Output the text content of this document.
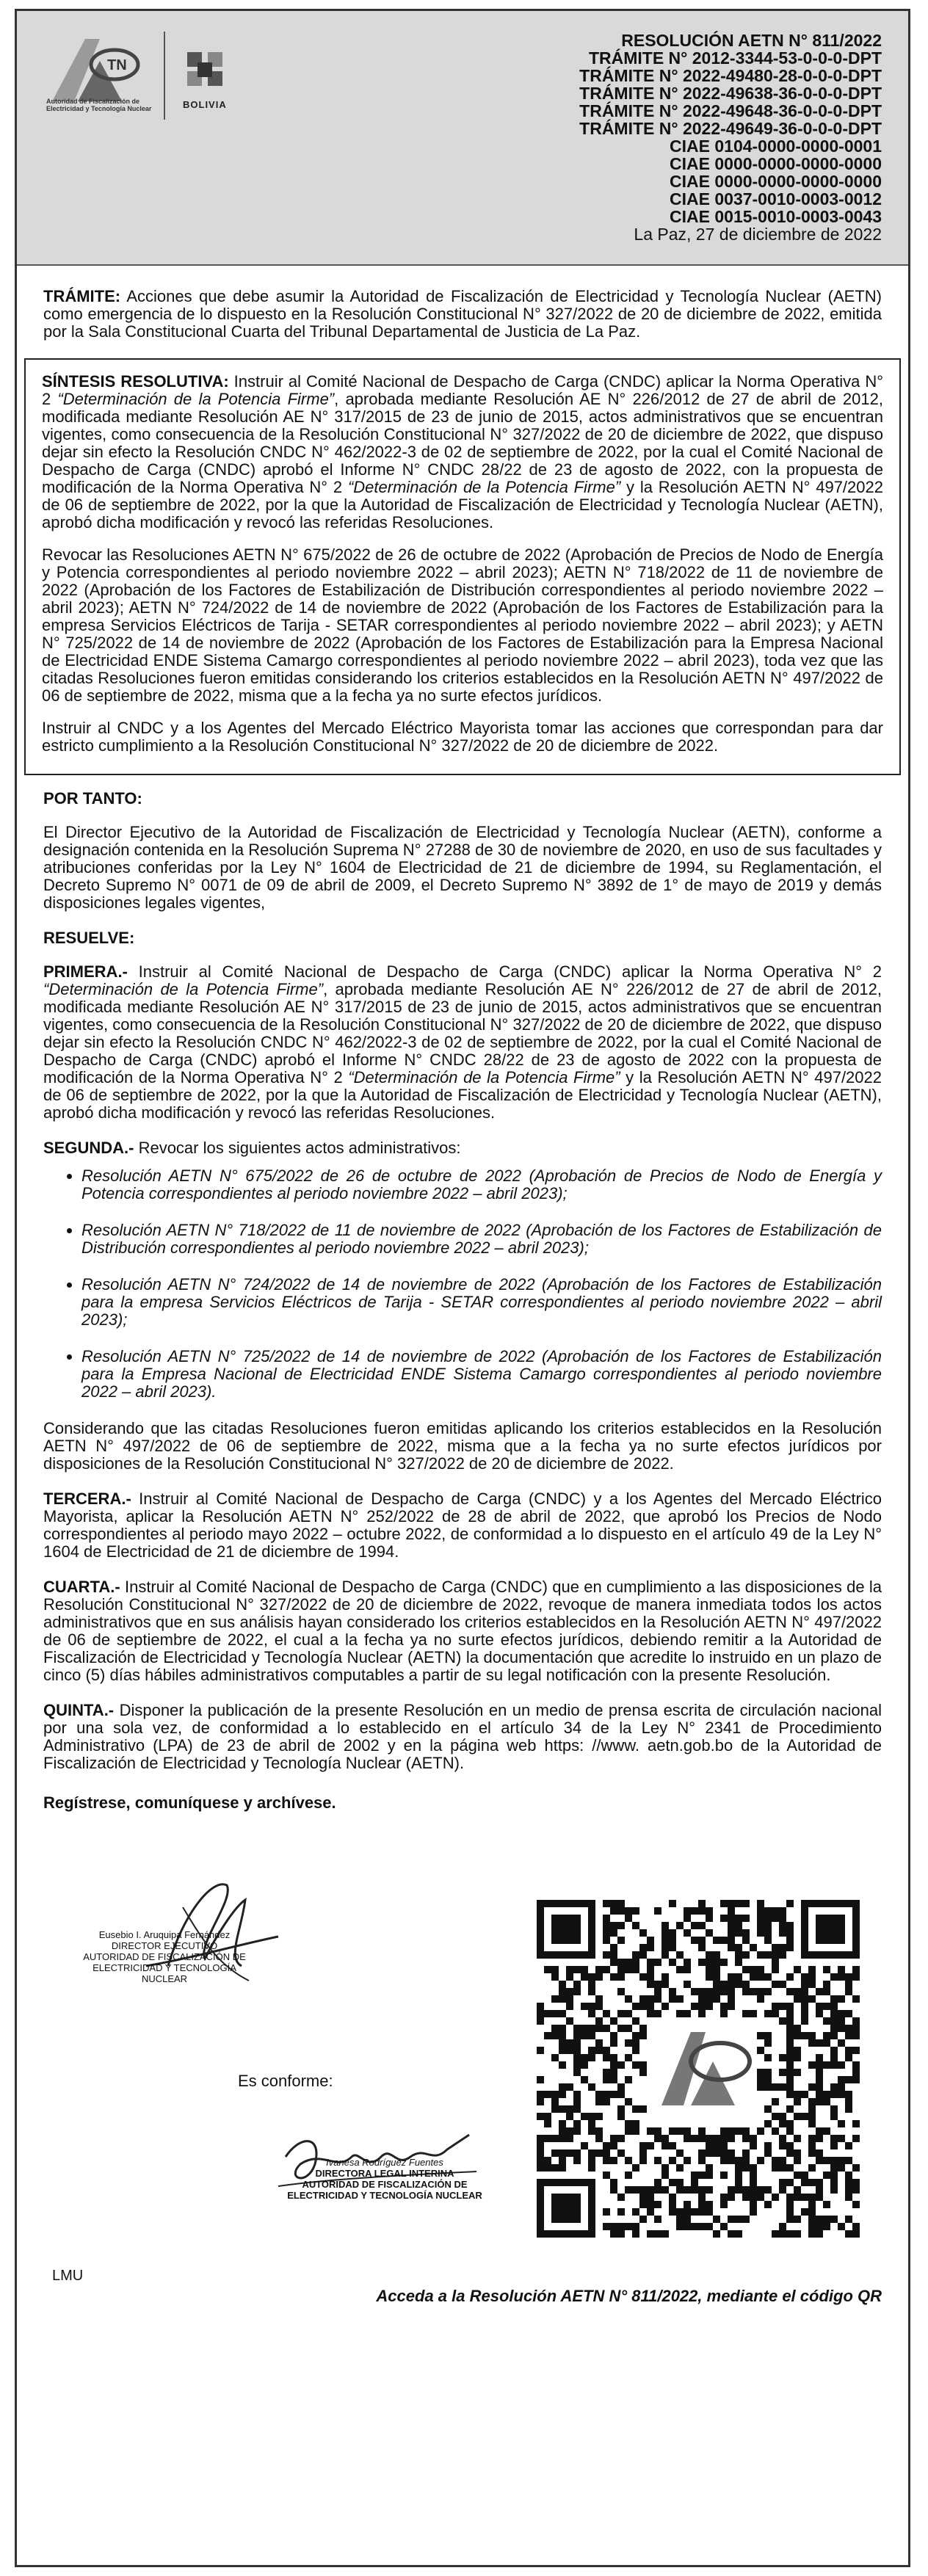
TN
Autoridad de Fiscalización de Electricidad y Tecnología Nuclear	BOLIVIA
RESOLUCIÓN AETN N° 811/2022
TRÁMITE N° 2012-3344-53-0-0-0-DPT
TRÁMITE N° 2022-49480-28-0-0-0-DPT
TRÁMITE N° 2022-49638-36-0-0-0-DPT
TRÁMITE N° 2022-49648-36-0-0-0-DPT
TRÁMITE N° 2022-49649-36-0-0-0-DPT
CIAE 0104-0000-0000-0001
CIAE 0000-0000-0000-0000
CIAE 0000-0000-0000-0000
CIAE 0037-0010-0003-0012
CIAE 0015-0010-0003-0043
La Paz, 27 de diciembre de 2022

TRÁMITE: Acciones que debe asumir la Autoridad de Fiscalización de Electricidad y Tecnología Nuclear (AETN) como emergencia de lo dispuesto en la Resolución Constitucional N° 327/2022 de 20 de diciembre de 2022, emitida por la Sala Constitucional Cuarta del Tribunal Departamental de Justicia de La Paz.

SÍNTESIS RESOLUTIVA: Instruir al Comité Nacional de Despacho de Carga (CNDC) aplicar la Norma Operativa N° 2 “Determinación de la Potencia Firme”, aprobada mediante Resolución AE N° 226/2012 de 27 de abril de 2012, modificada mediante Resolución AE N° 317/2015 de 23 de junio de 2015, actos administrativos que se encuentran vigentes, como consecuencia de la Resolución Constitucional N° 327/2022 de 20 de diciembre de 2022, que dispuso dejar sin efecto la Resolución CNDC N° 462/2022-3 de 02 de septiembre de 2022, por la cual el Comité Nacional de Despacho de Carga (CNDC) aprobó el Informe N° CNDC 28/22 de 23 de agosto de 2022, con la propuesta de modificación de la Norma Operativa N° 2 “Determinación de la Potencia Firme” y la Resolución AETN N° 497/2022 de 06 de septiembre de 2022, por la que la Autoridad de Fiscalización de Electricidad y Tecnología Nuclear (AETN), aprobó dicha modificación y revocó las referidas Resoluciones.

Revocar las Resoluciones AETN N° 675/2022 de 26 de octubre de 2022 (Aprobación de Precios de Nodo de Energía y Potencia correspondientes al periodo noviembre 2022 – abril 2023); AETN N° 718/2022 de 11 de noviembre de 2022 (Aprobación de los Factores de Estabilización de Distribución correspondientes al periodo noviembre 2022 – abril 2023); AETN N° 724/2022 de 14 de noviembre de 2022 (Aprobación de los Factores de Estabilización para la empresa Servicios Eléctricos de Tarija - SETAR correspondientes al periodo noviembre 2022 – abril 2023); y AETN N° 725/2022 de 14 de noviembre de 2022 (Aprobación de los Factores de Estabilización para la Empresa Nacional de Electricidad ENDE Sistema Camargo correspondientes al periodo noviembre 2022 – abril 2023), toda vez que las citadas Resoluciones fueron emitidas considerando los criterios establecidos en la Resolución AETN N° 497/2022 de 06 de septiembre de 2022, misma que a la fecha ya no surte efectos jurídicos.

Instruir al CNDC y a los Agentes del Mercado Eléctrico Mayorista tomar las acciones que correspondan para dar estricto cumplimiento a la Resolución Constitucional N° 327/2022 de 20 de diciembre de 2022.

POR TANTO:

El Director Ejecutivo de la Autoridad de Fiscalización de Electricidad y Tecnología Nuclear (AETN), conforme a designación contenida en la Resolución Suprema N° 27288 de 30 de noviembre de 2020, en uso de sus facultades y atribuciones conferidas por la Ley N° 1604 de Electricidad de 21 de diciembre de 1994, su Reglamentación, el Decreto Supremo N° 0071 de 09 de abril de 2009, el Decreto Supremo N° 3892 de 1° de mayo de 2019 y demás disposiciones legales vigentes,

RESUELVE:

PRIMERA.- Instruir al Comité Nacional de Despacho de Carga (CNDC) aplicar la Norma Operativa N° 2 “Determinación de la Potencia Firme”, aprobada mediante Resolución AE N° 226/2012 de 27 de abril de 2012, modificada mediante Resolución AE N° 317/2015 de 23 de junio de 2015, actos administrativos que se encuentran vigentes, como consecuencia de la Resolución Constitucional N° 327/2022 de 20 de diciembre de 2022, que dispuso dejar sin efecto la Resolución CNDC N° 462/2022-3 de 02 de septiembre de 2022, por la cual el Comité Nacional de Despacho de Carga (CNDC) aprobó el Informe N° CNDC 28/22 de 23 de agosto de 2022 con la propuesta de modificación de la Norma Operativa N° 2 “Determinación de la Potencia Firme” y la Resolución AETN N° 497/2022 de 06 de septiembre de 2022, por la que la Autoridad de Fiscalización de Electricidad y Tecnología Nuclear (AETN), aprobó dicha modificación y revocó las referidas Resoluciones.

SEGUNDA.- Revocar los siguientes actos administrativos:

• Resolución AETN N° 675/2022 de 26 de octubre de 2022 (Aprobación de Precios de Nodo de Energía y Potencia correspondientes al periodo noviembre 2022 – abril 2023);
• Resolución AETN N° 718/2022 de 11 de noviembre de 2022 (Aprobación de los Factores de Estabilización de Distribución correspondientes al periodo noviembre 2022 – abril 2023);
• Resolución AETN N° 724/2022 de 14 de noviembre de 2022 (Aprobación de los Factores de Estabilización para la empresa Servicios Eléctricos de Tarija - SETAR correspondientes al periodo noviembre 2022 – abril 2023);
• Resolución AETN N° 725/2022 de 14 de noviembre de 2022 (Aprobación de los Factores de Estabilización para la Empresa Nacional de Electricidad ENDE Sistema Camargo correspondientes al periodo noviembre 2022 – abril 2023).

Considerando que las citadas Resoluciones fueron emitidas aplicando los criterios establecidos en la Resolución AETN N° 497/2022 de 06 de septiembre de 2022, misma que a la fecha ya no surte efectos jurídicos por disposiciones de la Resolución Constitucional N° 327/2022 de 20 de diciembre de 2022.

TERCERA.- Instruir al Comité Nacional de Despacho de Carga (CNDC) y a los Agentes del Mercado Eléctrico Mayorista, aplicar la Resolución AETN N° 252/2022 de 28 de abril de 2022, que aprobó los Precios de Nodo correspondientes al periodo mayo 2022 – octubre 2022, de conformidad a lo dispuesto en el artículo 49 de la Ley N° 1604 de Electricidad de 21 de diciembre de 1994.

CUARTA.- Instruir al Comité Nacional de Despacho de Carga (CNDC) que en cumplimiento a las disposiciones de la Resolución Constitucional N° 327/2022 de 20 de diciembre de 2022, revoque de manera inmediata todos los actos administrativos que en sus análisis hayan considerado los criterios establecidos en la Resolución AETN N° 497/2022 de 06 de septiembre de 2022, el cual a la fecha ya no surte efectos jurídicos, debiendo remitir a la Autoridad de Fiscalización de Electricidad y Tecnología Nuclear (AETN) la documentación que acredite lo instruido en un plazo de cinco (5) días hábiles administrativos computables a partir de su legal notificación con la presente Resolución.

QUINTA.- Disponer la publicación de la presente Resolución en un medio de prensa escrita de circulación nacional por una sola vez, de conformidad a lo establecido en el artículo 34 de la Ley N° 2341 de Procedimiento Administrativo (LPA) de 23 de abril de 2002 y en la página web https: //www. aetn.gob.bo de la Autoridad de Fiscalización de Electricidad y Tecnología Nuclear (AETN).

Regístrese, comuníquese y archívese.
Eusebio I. Aruquipa Fernández
DIRECTOR EJECUTIVO
AUTORIDAD DE FISCALIZACIÓN DE
ELECTRICIDAD Y TECNOLOGÍA NUCLEAR
Es conforme:
Ivanesa Rodríguez Fuentes
DIRECTORA LEGAL INTERINA
AUTORIDAD DE FISCALIZACIÓN DE
ELECTRICIDAD Y TECNOLOGÍA NUCLEAR
LMU
Acceda a la Resolución AETN N° 811/2022, mediante el código QR
